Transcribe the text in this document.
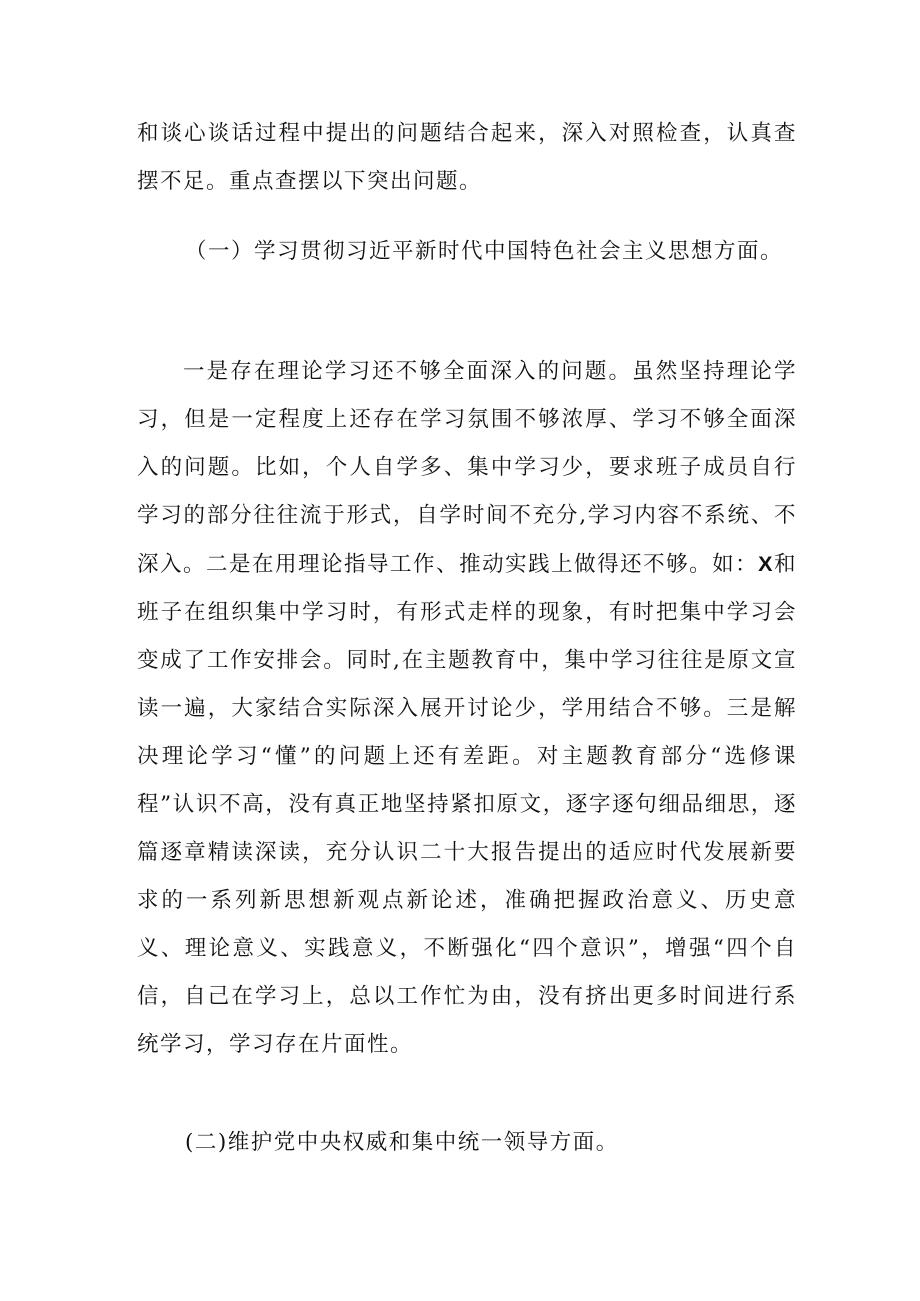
和谈心谈话过程中提出的问题结合起来，深入对照检查，认真查摆不足。重点查摆以下突出问题。

（一）学习贯彻习近平新时代中国特色社会主义思想方面。

一是存在理论学习还不够全面深入的问题。虽然坚持理论学习，但是一定程度上还存在学习氛围不够浓厚、学习不够全面深入的问题。比如，个人自学多、集中学习少，要求班子成员自行学习的部分往往流于形式，自学时间不充分,学习内容不系统、不深入。二是在用理论指导工作、推动实践上做得还不够。如：X和班子在组织集中学习时，有形式走样的现象，有时把集中学习会变成了工作安排会。同时,在主题教育中，集中学习往往是原文宣读一遍，大家结合实际深入展开讨论少，学用结合不够。三是解决理论学习“懂”的问题上还有差距。对主题教育部分“选修课程”认识不高，没有真正地坚持紧扣原文，逐字逐句细品细思，逐篇逐章精读深读，充分认识二十大报告提出的适应时代发展新要求的一系列新思想新观点新论述，准确把握政治意义、历史意义、理论意义、实践意义，不断强化“四个意识”，增强“四个自信，自己在学习上，总以工作忙为由，没有挤出更多时间进行系统学习，学习存在片面性。

(二)维护党中央权威和集中统一领导方面。
